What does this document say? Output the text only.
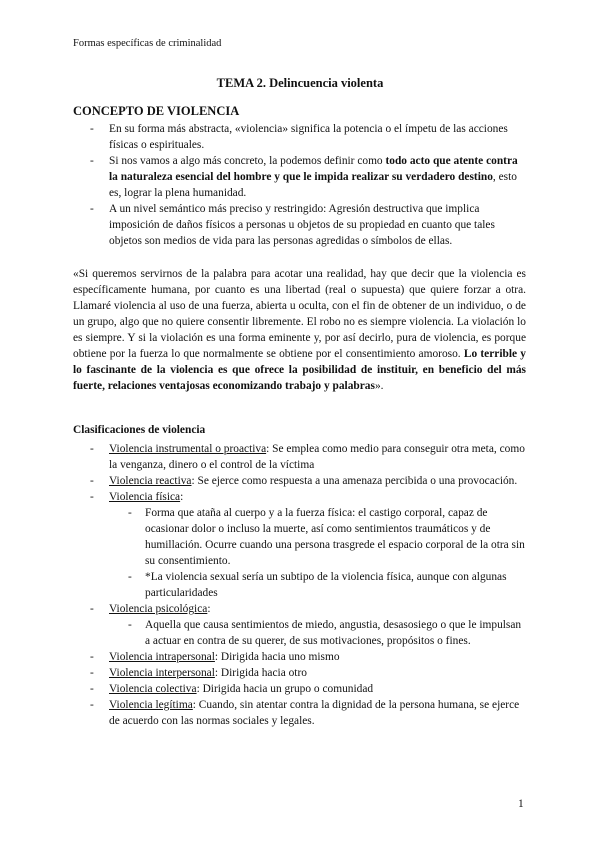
Formas específicas de criminalidad
TEMA 2. Delincuencia violenta
CONCEPTO DE VIOLENCIA
- En su forma más abstracta, «violencia» significa la potencia o el ímpetu de las acciones físicas o espirituales.
- Si nos vamos a algo más concreto, la podemos definir como todo acto que atente contra la naturaleza esencial del hombre y que le impida realizar su verdadero destino, esto es, lograr la plena humanidad.
- A un nivel semántico más preciso y restringido: Agresión destructiva que implica imposición de daños físicos a personas u objetos de su propiedad en cuanto que tales objetos son medios de vida para las personas agredidas o símbolos de ellas.

«Si queremos servirnos de la palabra para acotar una realidad, hay que decir que la violencia es específicamente humana, por cuanto es una libertad (real o supuesta) que quiere forzar a otra. Llamaré violencia al uso de una fuerza, abierta u oculta, con el fin de obtener de un individuo, o de un grupo, algo que no quiere consentir libremente. El robo no es siempre violencia. La violación lo es siempre. Y si la violación es una forma eminente y, por así decirlo, pura de violencia, es porque obtiene por la fuerza lo que normalmente se obtiene por el consentimiento amoroso. Lo terrible y lo fascinante de la violencia es que ofrece la posibilidad de instituir, en beneficio del más fuerte, relaciones ventajosas economizando trabajo y palabras».

Clasificaciones de violencia
- Violencia instrumental o proactiva: Se emplea como medio para conseguir otra meta, como la venganza, dinero o el control de la víctima
- Violencia reactiva: Se ejerce como respuesta a una amenaza percibida o una provocación.
- Violencia física:
- Forma que ataña al cuerpo y a la fuerza física: el castigo corporal, capaz de ocasionar dolor o incluso la muerte, así como sentimientos traumáticos y de humillación. Ocurre cuando una persona trasgrede el espacio corporal de la otra sin su consentimiento.
- *La violencia sexual sería un subtipo de la violencia física, aunque con algunas particularidades
- Violencia psicológica:
- Aquella que causa sentimientos de miedo, angustia, desasosiego o que le impulsan a actuar en contra de su querer, de sus motivaciones, propósitos o fines.
- Violencia intrapersonal: Dirigida hacia uno mismo
- Violencia interpersonal: Dirigida hacia otro
- Violencia colectiva: Dirigida hacia un grupo o comunidad
- Violencia legítima: Cuando, sin atentar contra la dignidad de la persona humana, se ejerce de acuerdo con las normas sociales y legales.
1
